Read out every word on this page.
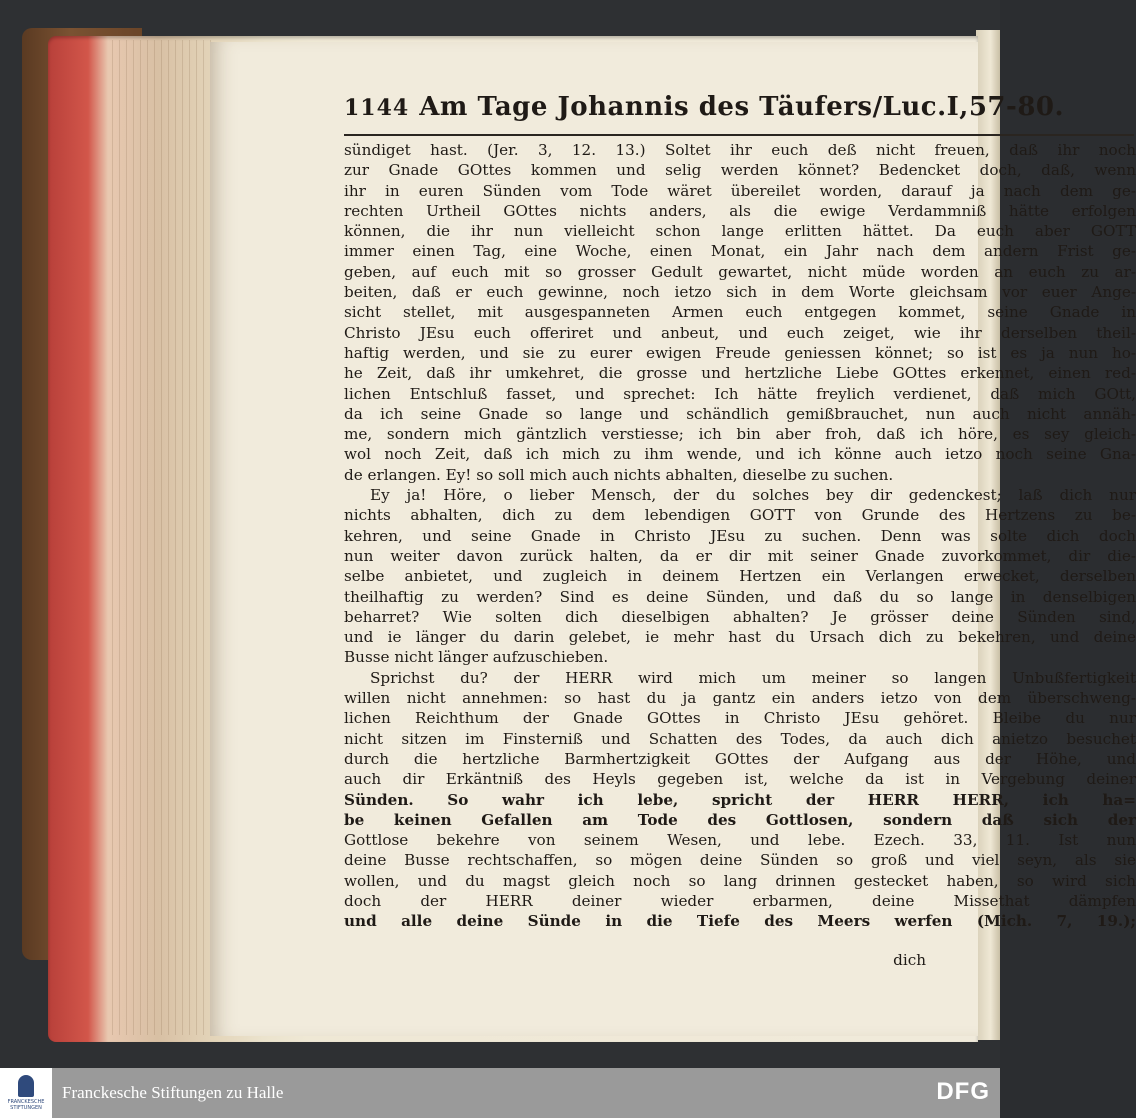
1144 Am Tage Johannis des Täufers/Luc.I,57-80.
sündiget hast. (Jer. 3, 12. 13.) Soltet ihr euch deß nicht freuen, daß ihr noch
zur Gnade GOttes kommen und selig werden könnet? Bedencket doch, daß, wenn
ihr in euren Sünden vom Tode wäret übereilet worden, darauf ja nach dem ge-
rechten Urtheil GOttes nichts anders, als die ewige Verdammniß hätte erfolgen
können, die ihr nun vielleicht schon lange erlitten hättet. Da euch aber GOTT
immer einen Tag, eine Woche, einen Monat, ein Jahr nach dem andern Frist ge-
geben, auf euch mit so grosser Gedult gewartet, nicht müde worden an euch zu ar-
beiten, daß er euch gewinne, noch ietzo sich in dem Worte gleichsam vor euer Ange-
sicht stellet, mit ausgespanneten Armen euch entgegen kommet, seine Gnade in
Christo JEsu euch offeriret und anbeut, und euch zeiget, wie ihr derselben theil-
haftig werden, und sie zu eurer ewigen Freude geniessen könnet; so ist es ja nun ho-
he Zeit, daß ihr umkehret, die grosse und hertzliche Liebe GOttes erkennet, einen red-
lichen Entschluß fasset, und sprechet: Ich hätte freylich verdienet, daß mich GOtt,
da ich seine Gnade so lange und schändlich gemißbrauchet, nun auch nicht annäh-
me, sondern mich gäntzlich verstiesse; ich bin aber froh, daß ich höre, es sey gleich-
wol noch Zeit, daß ich mich zu ihm wende, und ich könne auch ietzo noch seine Gna-
de erlangen. Ey! so soll mich auch nichts abhalten, dieselbe zu suchen.
Ey ja! Höre, o lieber Mensch, der du solches bey dir gedenckest; laß dich nur
nichts abhalten, dich zu dem lebendigen GOTT von Grunde des Hertzens zu be-
kehren, und seine Gnade in Christo JEsu zu suchen. Denn was solte dich doch
nun weiter davon zurück halten, da er dir mit seiner Gnade zuvorkommet, dir die-
selbe anbietet, und zugleich in deinem Hertzen ein Verlangen erwecket, derselben
theilhaftig zu werden? Sind es deine Sünden, und daß du so lange in denselbigen
beharret? Wie solten dich dieselbigen abhalten? Je grösser deine Sünden sind,
und ie länger du darin gelebet, ie mehr hast du Ursach dich zu bekehren, und deine
Busse nicht länger aufzuschieben.
Sprichst du? der HERR wird mich um meiner so langen Unbußfertigkeit
willen nicht annehmen: so hast du ja gantz ein anders ietzo von dem überschweng-
lichen Reichthum der Gnade GOttes in Christo JEsu gehöret. Bleibe du nur
nicht sitzen im Finsterniß und Schatten des Todes, da auch dich anietzo besuchet
durch die hertzliche Barmhertzigkeit GOttes der Aufgang aus der Höhe, und
auch dir Erkäntniß des Heyls gegeben ist, welche da ist in Vergebung deiner
Sünden. So wahr ich lebe, spricht der HERR HERR, ich ha=
be keinen Gefallen am Tode des Gottlosen, sondern daß sich der
Gottlose bekehre von seinem Wesen, und lebe. Ezech. 33, 11. Ist nun
deine Busse rechtschaffen, so mögen deine Sünden so groß und viel seyn, als sie
wollen, und du magst gleich noch so lang drinnen gestecket haben, so wird sich
doch der HERR deiner wieder erbarmen, deine Missethat dämpfen
und alle deine Sünde in die Tiefe des Meers werfen (Mich. 7, 19.);
dich
FRANCKESCHE STIFTUNGEN
Franckesche Stiftungen zu Halle	DFG
